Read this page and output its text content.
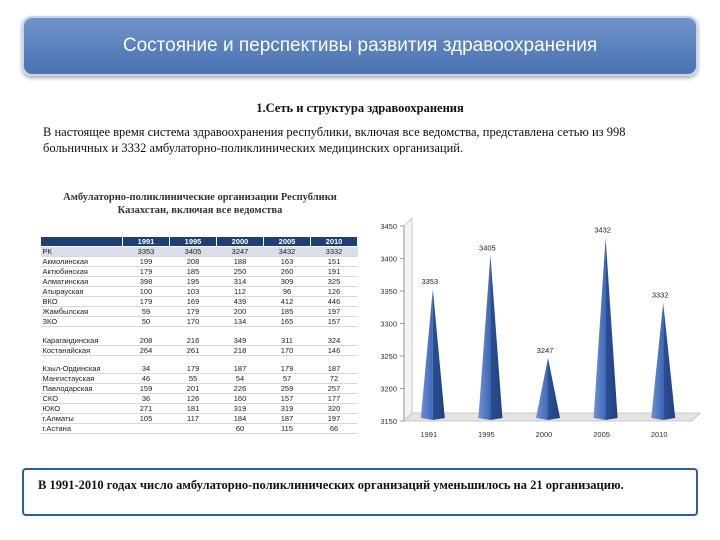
Состояние и перспективы развития здравоохранения
1.Сеть и структура здравоохранения
В настоящее время система здравоохранения республики, включая все ведомства, представлена сетью из 998 больничных и 3332 амбулаторно-поликлинических медицинских организаций.
Амбулаторно-поликлинические организации Республики Казахстан, включая все ведомства
	1991	1995	2000	2005	2010
РК	3353	3405	3247	3432	3332
Акмолинская	199	208	188	163	151
Актюбинская	179	185	250	260	191
Алматинская	398	195	314	309	325
Атырауская	100	103	112	96	126
ВКО	179	169	439	412	446
Жамбылская	59	179	200	185	197
ЗКО	50	170	134	165	157

Карагандинская	208	216	349	311	324
Костанайская	264	261	218	170	146

Кзыл-Ординская	34	179	187	179	187
Мангистауская	46	55	54	57	72
Павлодарская	159	201	226	259	257
СКО	36	126	160	157	177
ЮКО	271	181	319	319	320
г.Алматы	105	117	184	187	197
г.Астана			60	115	66
3150
3200
3250
3300
3350
3400
3450
3353
1991
3405
1995
3247
2000
3432
2005
3332
2010
В 1991-2010 годах число амбулаторно-поликлинических организаций уменьшилось на 21 организацию.
